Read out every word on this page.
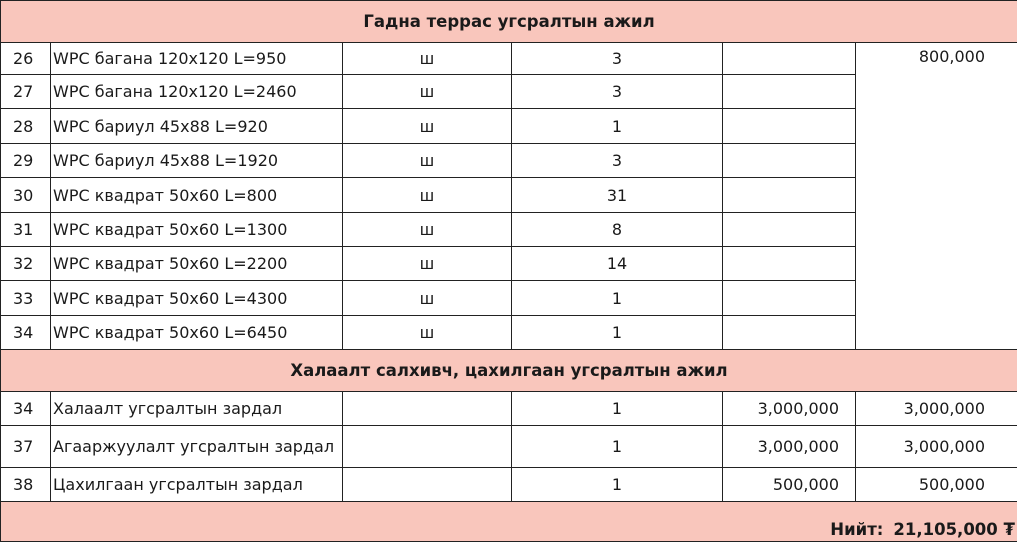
Гадна террас угсралтын ажил					
26	WPC багана 120x120 L=950	ш	3		800,000
27	WPC багана 120x120 L=2460	ш	3		
28	WPC бариул 45x88 L=920	ш	1		
29	WPC бариул 45x88 L=1920	ш	3		
30	WPC квадрат 50x60 L=800	ш	31		
31	WPC квадрат 50x60 L=1300	ш	8		
32	WPC квадрат 50x60 L=2200	ш	14		
33	WPC квадрат 50x60 L=4300	ш	1		
34	WPC квадрат 50x60 L=6450	ш	1		
Халаалт салхивч, цахилгаан угсралтын ажил					
34	Халаалт угсралтын зардал		1	3,000,000	3,000,000
37	Агааржуулалт угсралтын зардал		1	3,000,000	3,000,000
38	Цахилгаан угсралтын зардал		1	500,000	500,000
Нийт: 21,105,000 ₮					
